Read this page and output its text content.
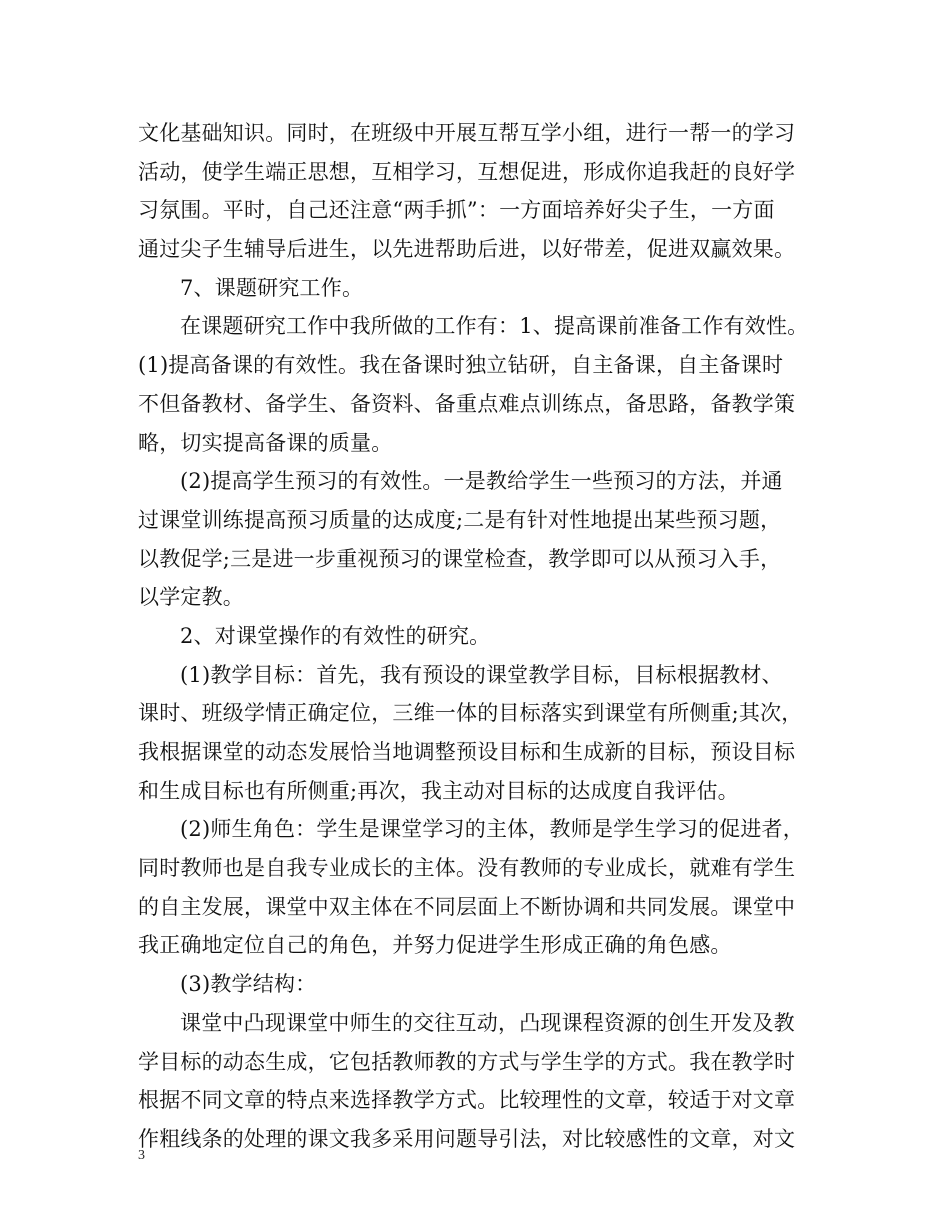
文化基础知识。同时，在班级中开展互帮互学小组，进行一帮一的学习
活动，使学生端正思想，互相学习，互想促进，形成你追我赶的良好学
习氛围。平时，自己还注意“两手抓”：一方面培养好尖子生，一方面
通过尖子生辅导后进生，以先进帮助后进，以好带差，促进双赢效果。
7、课题研究工作。
在课题研究工作中我所做的工作有：1、提高课前准备工作有效性。
(1)提高备课的有效性。我在备课时独立钻研，自主备课，自主备课时
不但备教材、备学生、备资料、备重点难点训练点，备思路，备教学策
略，切实提高备课的质量。
(2)提高学生预习的有效性。一是教给学生一些预习的方法，并通
过课堂训练提高预习质量的达成度;二是有针对性地提出某些预习题，
以教促学;三是进一步重视预习的课堂检查，教学即可以从预习入手，
以学定教。
2、对课堂操作的有效性的研究。
(1)教学目标：首先，我有预设的课堂教学目标，目标根据教材、
课时、班级学情正确定位，三维一体的目标落实到课堂有所侧重;其次，
我根据课堂的动态发展恰当地调整预设目标和生成新的目标，预设目标
和生成目标也有所侧重;再次，我主动对目标的达成度自我评估。
(2)师生角色：学生是课堂学习的主体，教师是学生学习的促进者，
同时教师也是自我专业成长的主体。没有教师的专业成长，就难有学生
的自主发展，课堂中双主体在不同层面上不断协调和共同发展。课堂中
我正确地定位自己的角色，并努力促进学生形成正确的角色感。
(3)教学结构：
课堂中凸现课堂中师生的交往互动，凸现课程资源的创生开发及教
学目标的动态生成，它包括教师教的方式与学生学的方式。我在教学时
根据不同文章的特点来选择教学方式。比较理性的文章，较适于对文章
作粗线条的处理的课文我多采用问题导引法，对比较感性的文章，对文
3
